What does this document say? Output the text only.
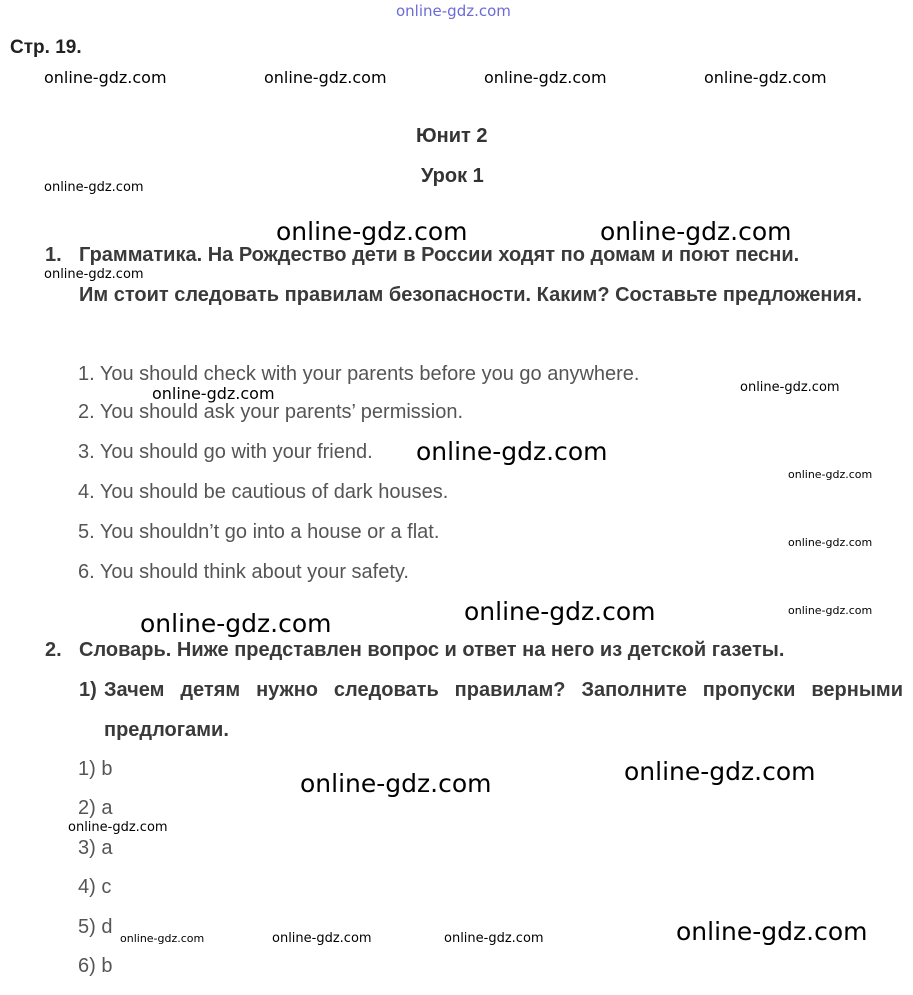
online-gdz.com
Стр. 19.
online-gdz.com	online-gdz.com	online-gdz.com	online-gdz.com
Юнит 2
Урок 1
online-gdz.com
online-gdz.com	online-gdz.com
1. Грамматика. На Рождество дети в России ходят по домам и поют песни.
online-gdz.com
Им стоит следовать правилам безопасности. Каким? Составьте предложения.
1. You should check with your parents before you go anywhere.
online-gdz.com	online-gdz.com
2. You should ask your parents’ permission.
3. You should go with your friend. online-gdz.com
online-gdz.com
4. You should be cautious of dark houses.
5. You shouldn’t go into a house or a flat.	online-gdz.com
6. You should think about your safety.
online-gdz.com	online-gdz.com
online-gdz.com
2. Словарь. Ниже представлен вопрос и ответ на него из детской газеты.
1) Зачем детям нужно следовать правилам? Заполните пропуски верными предлогами.
1) b	online-gdz.com
online-gdz.com
2) a
online-gdz.com
3) a
4) c
5) d
online-gdz.com	online-gdz.com	online-gdz.com	online-gdz.com
6) b
